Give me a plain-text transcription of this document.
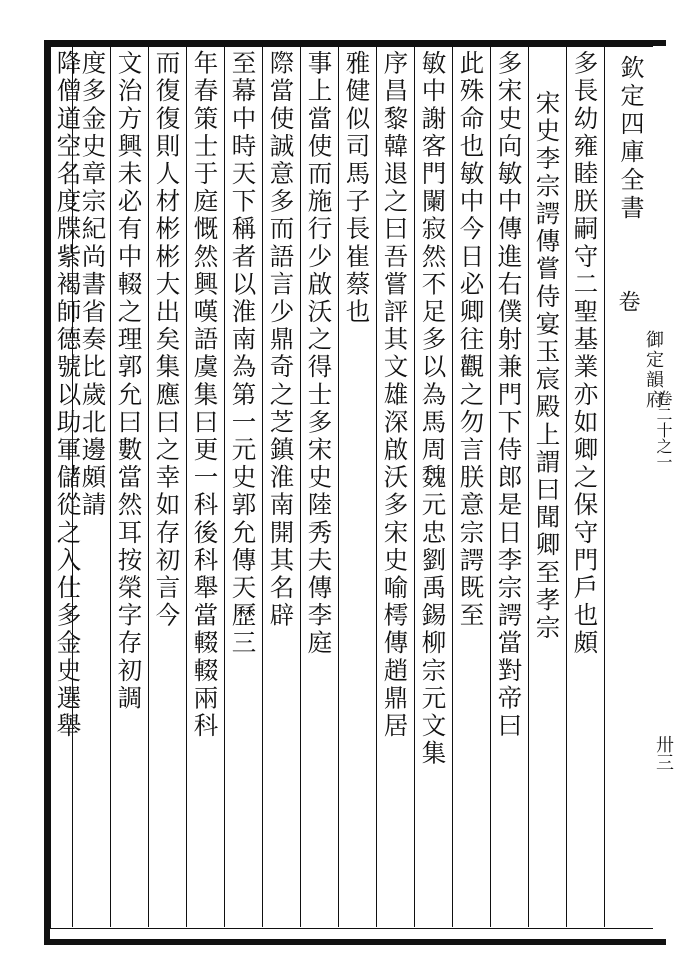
欽定四庫全書
卷
御定韻府
卷二十之一
卅三
多長幼雍睦朕嗣守二聖基業亦如卿之保守門戶也頗
宋史李宗諤傳嘗侍宴玉宸殿上謂曰聞卿至孝宗
多宋史向敏中傳進右僕射兼門下侍郎是日李宗諤當對帝曰
此殊命也敏中今日必卿往觀之勿言朕意宗諤既至
敏中謝客門闌寂然不足多以為馬周魏元忠劉禹錫柳宗元文集
序昌黎韓退之曰吾嘗評其文雄深啟沃多宋史喻樗傳趙鼎居
雅健似司馬子長崔蔡也
事上當使而施行少啟沃之得士多宋史陸秀夫傳李庭
際當使誠意多而語言少鼎奇之芝鎮淮南開其名辟
至幕中時天下稱者以淮南為第一元史郭允傳天歷三
年春策士于庭慨然興嘆語虞集曰更一科後科舉當輟輟兩科
而復復則人材彬彬大出矣集應曰之幸如存初言今
文治方興未必有中輟之理郭允曰數當然耳按榮字存初調
度多金史章宗紀尚書省奏比歲北邊頗請
降僧道空名度牒紫褐師德號以助軍儲從之入仕多金史選舉
